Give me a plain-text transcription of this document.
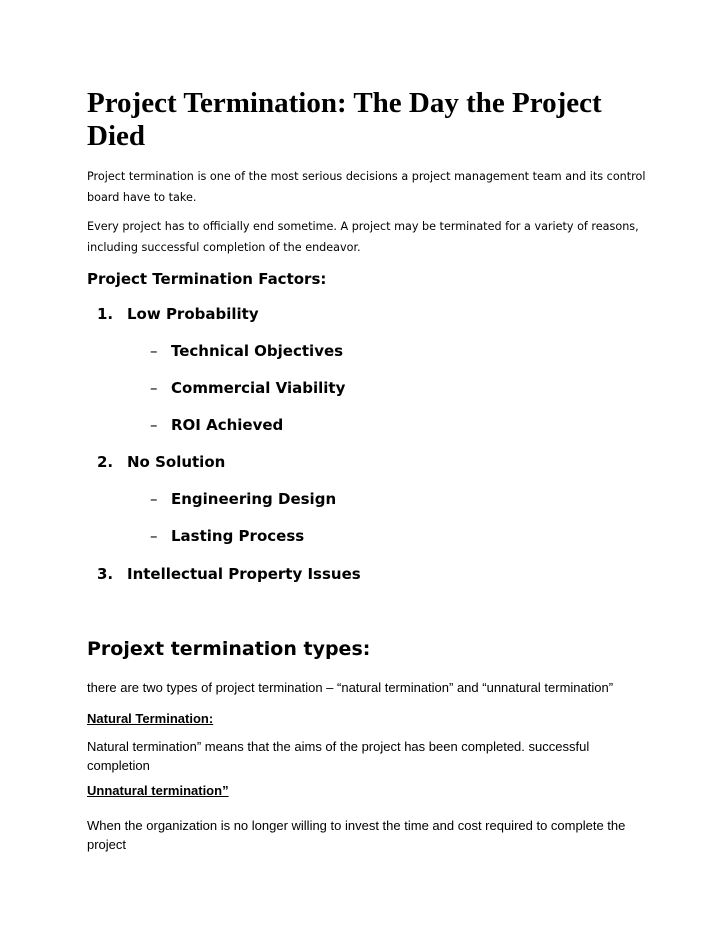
Project Termination: The Day the Project Died
Project termination is one of the most serious decisions a project management team and its control board have to take.
Every project has to officially end sometime. A project may be terminated for a variety of reasons, including successful completion of the endeavor.
Project Termination Factors:
1. Low Probability
– Technical Objectives
– Commercial Viability
– ROI Achieved
2. No Solution
– Engineering Design
– Lasting Process
3. Intellectual Property Issues
Projext termination types:
there are two types of project termination – “natural termination” and “unnatural termination”
Natural Termination:
Natural termination” means that the aims of the project has been completed. successful completion
Unnatural termination”
When the organization is no longer willing to invest the time and cost required to complete the project
